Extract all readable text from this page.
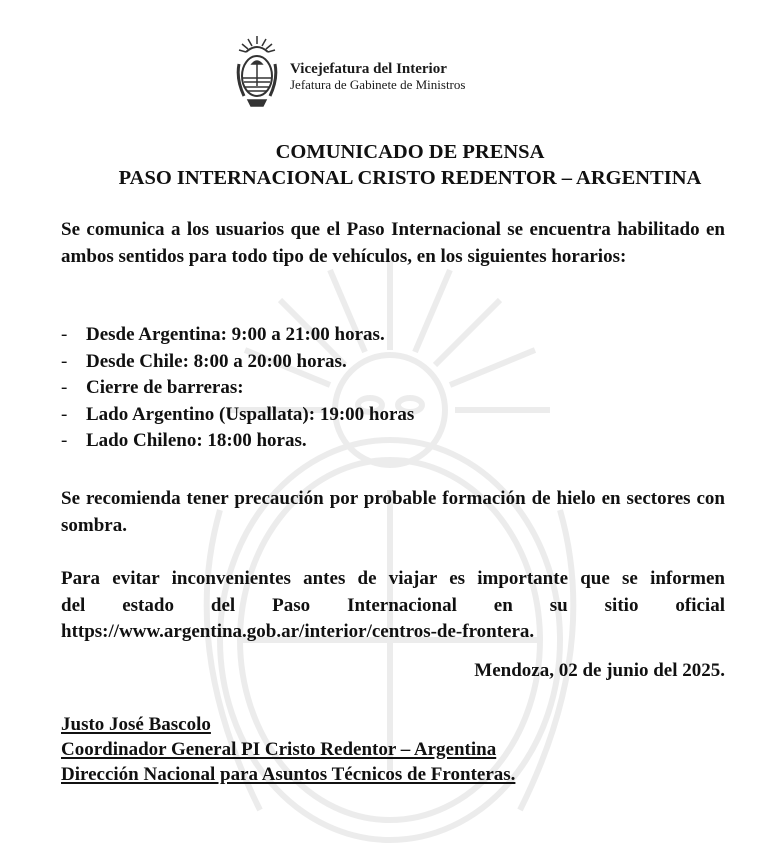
Vicejefatura del Interior
Jefatura de Gabinete de Ministros
COMUNICADO DE PRENSA
PASO INTERNACIONAL CRISTO REDENTOR – ARGENTINA
Se comunica a los usuarios que el Paso Internacional se encuentra habilitado en ambos sentidos para todo tipo de vehículos, en los siguientes horarios:
- Desde Argentina: 9:00 a 21:00 horas.
- Desde Chile: 8:00 a 20:00 horas.
- Cierre de barreras:
- Lado Argentino (Uspallata): 19:00 horas
- Lado Chileno: 18:00 horas.
Se recomienda tener precaución por probable formación de hielo en sectores con sombra.
Para evitar inconvenientes antes de viajar es importante que se informen
del estado del Paso Internacional en su sitio oficial
https://www.argentina.gob.ar/interior/centros-de-frontera.
Mendoza, 02 de junio del 2025.
Justo José Bascolo
Coordinador General PI Cristo Redentor – Argentina
Dirección Nacional para Asuntos Técnicos de Fronteras.
